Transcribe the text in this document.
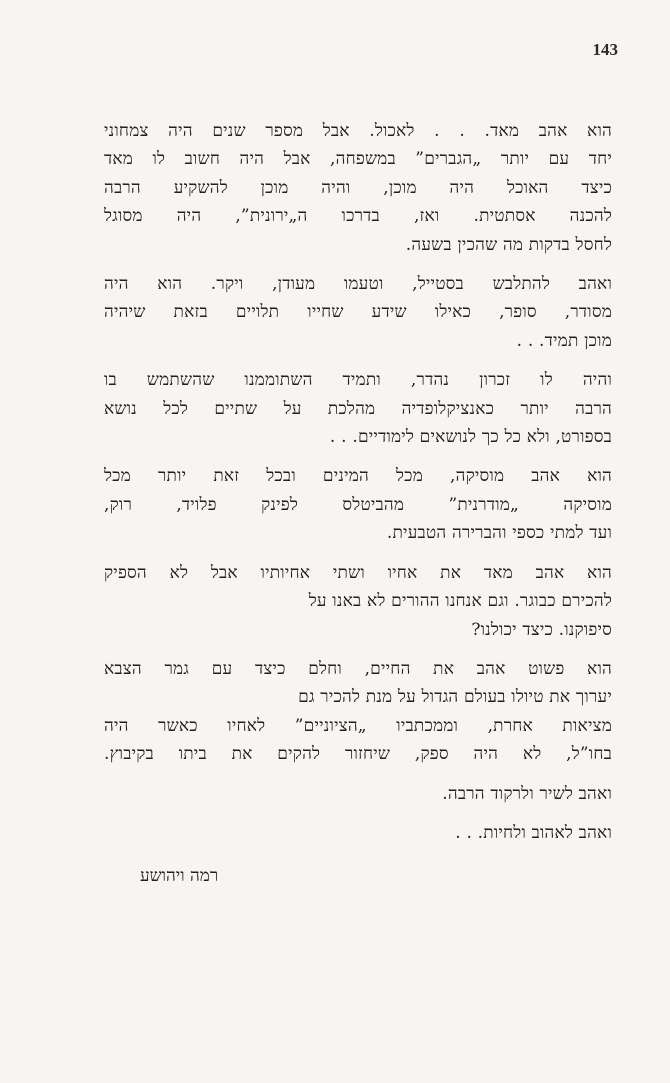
143
הוא אהב מאד. . . לאכול. אבל מספר שנים היה צמחוני
יחד עם יותר „הגברים” במשפחה, אבל היה חשוב לו מאד
כיצד האוכל היה מוכן, והיה מוכן להשקיע הרבה
להכנה אסתטית. ואז, בדרכו ה„ירונית”, היה מסוגל
לחסל בדקות מה שהכין בשעה.
ואהב להתלבש בסטייל, וטעמו מעודן, ויקר. הוא היה
מסודר, סופר, כאילו שידע שחייו תלויים בזאת שיהיה
מוכן תמיד. . .
והיה לו זכרון נהדר, ותמיד השתוממנו שהשתמש בו
הרבה יותר כאנציקלופדיה מהלכת על שתיים לכל נושא
בספורט, ולא כל כך לנושאים לימודיים. . .
הוא אהב מוסיקה, מכל המינים ובכל זאת יותר מכל
מוסיקה „מודרנית” מהביטלס לפינק פלויד, רוק,
ועד למתי כספי והברירה הטבעית.
הוא אהב מאד את אחיו ושתי אחיותיו אבל לא הספיק
להכירם כבוגר. וגם אנחנו ההורים לא באנו על
סיפוקנו. כיצד יכולנו?
הוא פשוט אהב את החיים, וחלם כיצד עם גמר הצבא
יערוך את טיולו בעולם הגדול על מנת להכיר גם
מציאות אחרת, וממכתביו „הציוניים” לאחיו כאשר היה
בחו”ל, לא היה ספק, שיחזור להקים את ביתו בקיבוץ.
ואהב לשיר ולרקוד הרבה.
ואהב לאהוב ולחיות. . .
רמה ויהושע
